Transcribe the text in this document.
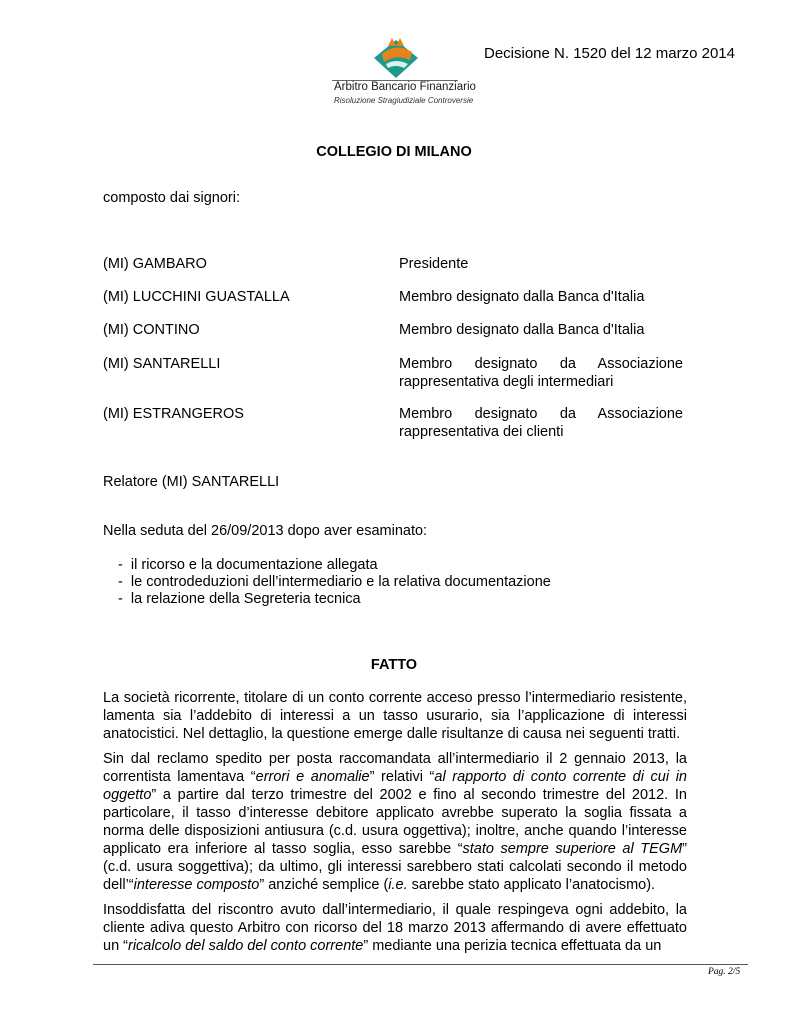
Arbitro Bancario Finanziario
Risoluzione Stragiudiziale Controversie
Decisione N. 1520 del 12 marzo 2014
COLLEGIO DI MILANO
composto dai signori:
(MI) GAMBARO	Presidente
(MI) LUCCHINI GUASTALLA	Membro designato dalla Banca d'Italia
(MI) CONTINO	Membro designato dalla Banca d'Italia
(MI) SANTARELLI	Membro designato da Associazione rappresentativa degli intermediari
(MI) ESTRANGEROS	Membro designato da Associazione rappresentativa dei clienti
Relatore (MI) SANTARELLI
Nella seduta del 26/09/2013 dopo aver esaminato:
- il ricorso e la documentazione allegata
- le controdeduzioni dell’intermediario e la relativa documentazione
- la relazione della Segreteria tecnica
FATTO

La società ricorrente, titolare di un conto corrente acceso presso l’intermediario resistente, lamenta sia l’addebito di interessi a un tasso usurario, sia l’applicazione di interessi anatocistici. Nel dettaglio, la questione emerge dalle risultanze di causa nei seguenti tratti.

Sin dal reclamo spedito per posta raccomandata all’intermediario il 2 gennaio 2013, la correntista lamentava “errori e anomalie” relativi “al rapporto di conto corrente di cui in oggetto” a partire dal terzo trimestre del 2002 e fino al secondo trimestre del 2012. In particolare, il tasso d’interesse debitore applicato avrebbe superato la soglia fissata a norma delle disposizioni antiusura (c.d. usura oggettiva); inoltre, anche quando l’interesse applicato era inferiore al tasso soglia, esso sarebbe “stato sempre superiore al TEGM” (c.d. usura soggettiva); da ultimo, gli interessi sarebbero stati calcolati secondo il metodo dell’“interesse composto” anziché semplice (i.e. sarebbe stato applicato l’anatocismo).

Insoddisfatta del riscontro avuto dall’intermediario, il quale respingeva ogni addebito, la cliente adiva questo Arbitro con ricorso del 18 marzo 2013 affermando di avere effettuato un “ricalcolo del saldo del conto corrente” mediante una perizia tecnica effettuata da un

Pag. 2/5
